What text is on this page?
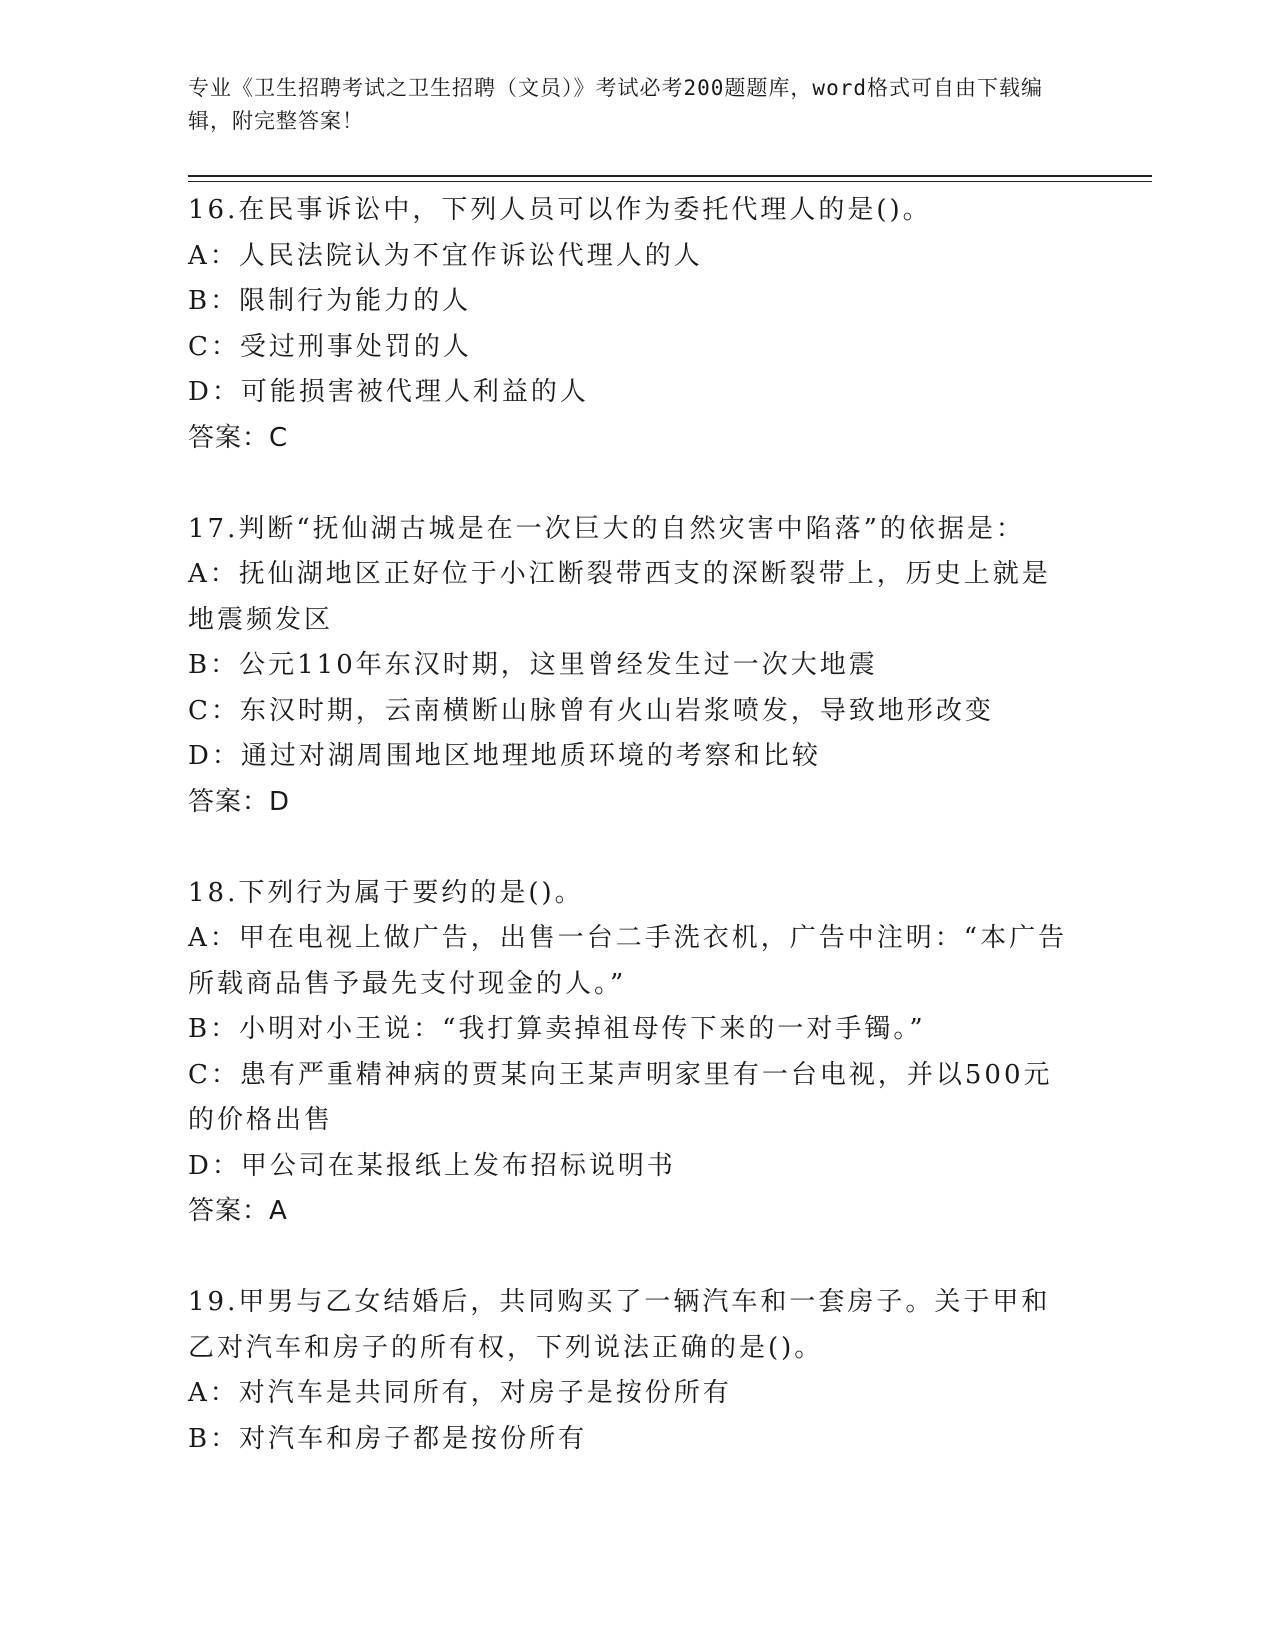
专业《卫生招聘考试之卫生招聘（文员）》考试必考200题题库，word格式可自由下载编辑，附完整答案！
16.在民事诉讼中，下列人员可以作为委托代理人的是()。
A：人民法院认为不宜作诉讼代理人的人
B：限制行为能力的人
C：受过刑事处罚的人
D：可能损害被代理人利益的人
答案：C
17.判断“抚仙湖古城是在一次巨大的自然灾害中陷落”的依据是：
A：抚仙湖地区正好位于小江断裂带西支的深断裂带上，历史上就是地震频发区
B：公元110年东汉时期，这里曾经发生过一次大地震
C：东汉时期，云南横断山脉曾有火山岩浆喷发，导致地形改变
D：通过对湖周围地区地理地质环境的考察和比较
答案：D
18.下列行为属于要约的是()。
A：甲在电视上做广告，出售一台二手洗衣机，广告中注明：“本广告所载商品售予最先支付现金的人。”
B：小明对小王说：“我打算卖掉祖母传下来的一对手镯。”
C：患有严重精神病的贾某向王某声明家里有一台电视，并以500元的价格出售
D：甲公司在某报纸上发布招标说明书
答案：A
19.甲男与乙女结婚后，共同购买了一辆汽车和一套房子。关于甲和乙对汽车和房子的所有权，下列说法正确的是()。
A：对汽车是共同所有，对房子是按份所有
B：对汽车和房子都是按份所有
